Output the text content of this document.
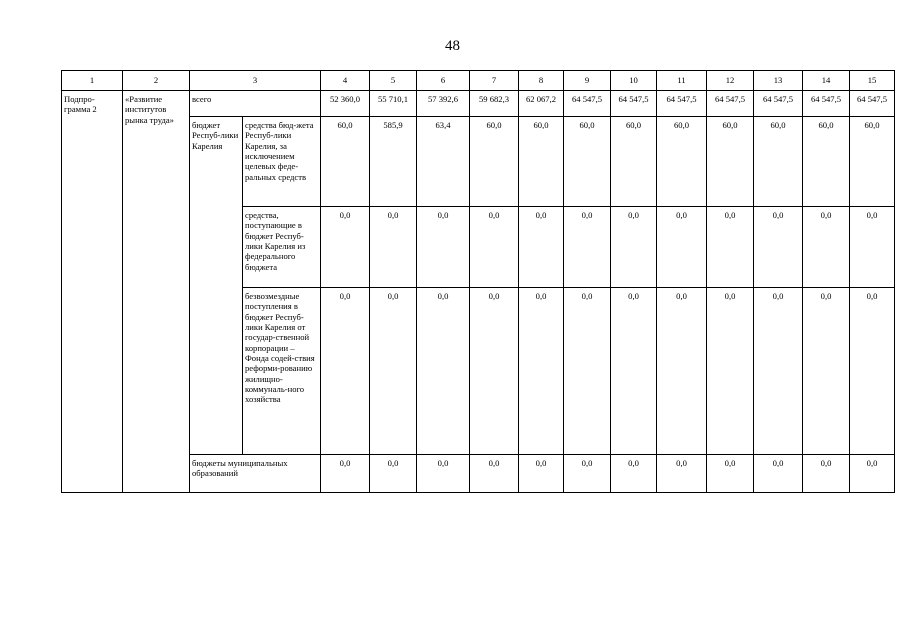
48
1	2	3		4	5	6	7	8	9	10	11	12	13	14	15
Подпро-грамма 2	«Развитие институтов рынка труда»	всего		52 360,0	55 710,1	57 392,6	59 682,3	62 067,2	64 547,5	64 547,5	64 547,5	64 547,5	64 547,5	64 547,5	64 547,5
		бюджет Респуб-лики Карелия	средства бюд-жета Респуб-лики Карелия, за исключением целевых феде-ральных средств	60,0	585,9	63,4	60,0	60,0	60,0	60,0	60,0	60,0	60,0	60,0	60,0
			средства, поступающие в бюджет Респуб-лики Карелия из федерального бюджета	0,0	0,0	0,0	0,0	0,0	0,0	0,0	0,0	0,0	0,0	0,0	0,0
			безвозмездные поступления в бюджет Респуб-лики Карелия от государ-ственной корпорации – Фонда содей-ствия реформи-рованию жилищно-коммуналь-ного хозяйства	0,0	0,0	0,0	0,0	0,0	0,0	0,0	0,0	0,0	0,0	0,0	0,0
		бюджеты муниципальных образований		0,0	0,0	0,0	0,0	0,0	0,0	0,0	0,0	0,0	0,0	0,0	0,0
